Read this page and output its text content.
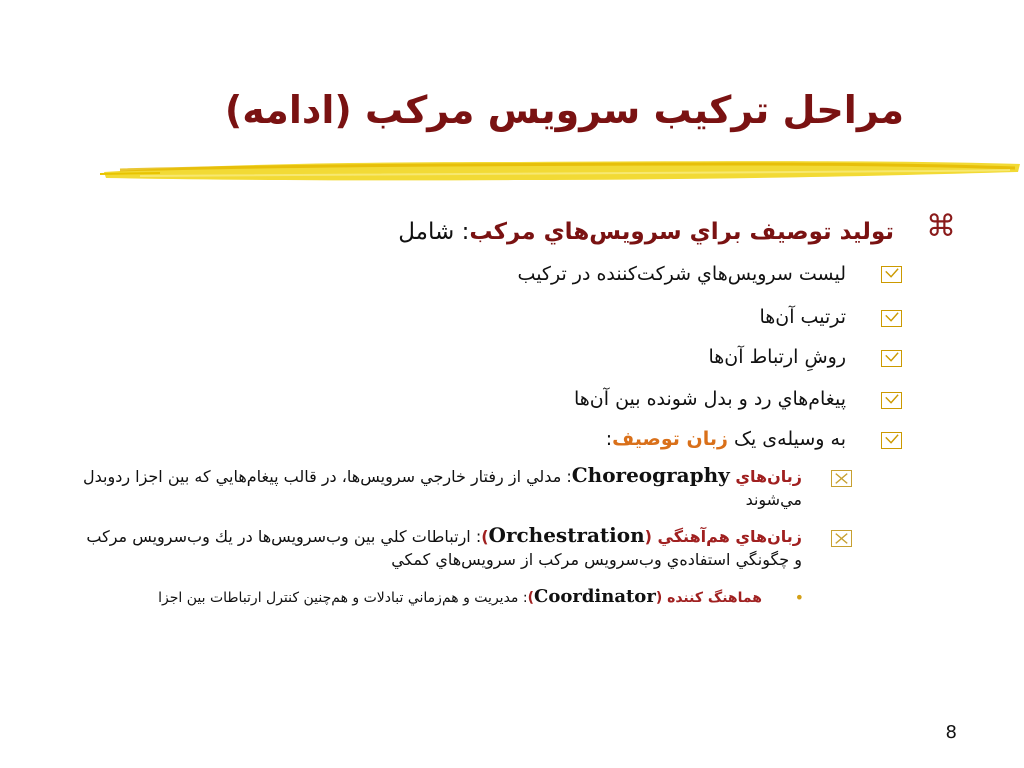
مراحل ترکيب سرويس مرکب (ادامه)
⌘
توليد توصيف براي سرويس‌هاي مرکب: شامل
ليست سرويس‌هاي شرکت‌کننده در ترکيب
ترتيب آن‌ها
روشِ ارتباط آن‌ها
پيغام‌هاي رد و بدل شونده بين آن‌ها
به وسيله‌ی يک زبان توصيف:
زبان‌هاي Choreography: مدلي از رفتار خارجي سرويس‌ها، در قالب پيغام‌هايي که بين اجزا ردوبدل مي‌شوند
زبان‌هاي هم‌آهنگي (Orchestration): ارتباطات کلي بين وب‌سرويس‌ها در يك وب‌سرويس مرکب و چگونگي استفاده‌ي وب‌سرويس مرکب از سرويس‌هاي کمکي
•
هماهنگ کننده (Coordinator): مديريت و هم‌زماني تبادلات و هم‌چنين کنترل ارتباطات بين اجزا
8
